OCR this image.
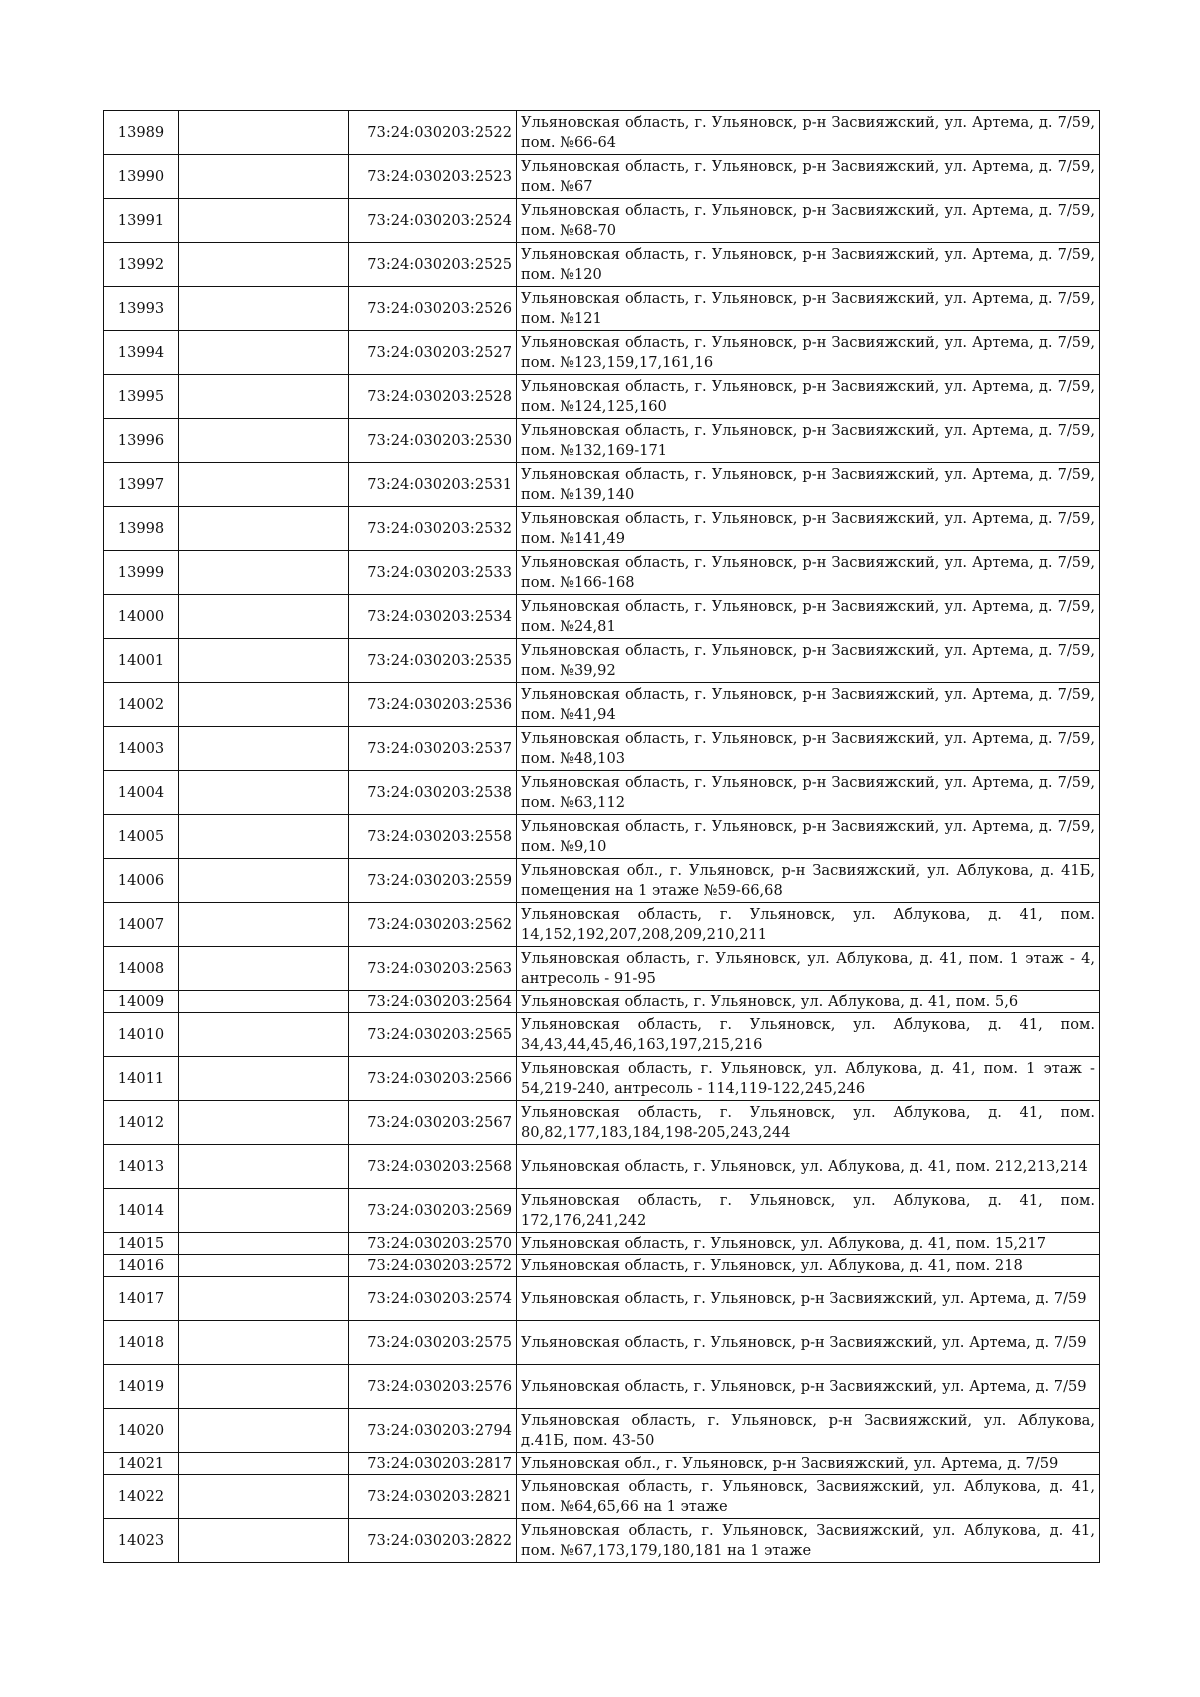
13989		73:24:030203:2522	Ульяновская область, г. Ульяновск, р-н Засвияжский, ул. Артема, д. 7/59, пом. №66-64
13990		73:24:030203:2523	Ульяновская область, г. Ульяновск, р-н Засвияжский, ул. Артема, д. 7/59, пом. №67
13991		73:24:030203:2524	Ульяновская область, г. Ульяновск, р-н Засвияжский, ул. Артема, д. 7/59, пом. №68-70
13992		73:24:030203:2525	Ульяновская область, г. Ульяновск, р-н Засвияжский, ул. Артема, д. 7/59, пом. №120
13993		73:24:030203:2526	Ульяновская область, г. Ульяновск, р-н Засвияжский, ул. Артема, д. 7/59, пом. №121
13994		73:24:030203:2527	Ульяновская область, г. Ульяновск, р-н Засвияжский, ул. Артема, д. 7/59, пом. №123,159,17,161,16
13995		73:24:030203:2528	Ульяновская область, г. Ульяновск, р-н Засвияжский, ул. Артема, д. 7/59, пом. №124,125,160
13996		73:24:030203:2530	Ульяновская область, г. Ульяновск, р-н Засвияжский, ул. Артема, д. 7/59, пом. №132,169-171
13997		73:24:030203:2531	Ульяновская область, г. Ульяновск, р-н Засвияжский, ул. Артема, д. 7/59, пом. №139,140
13998		73:24:030203:2532	Ульяновская область, г. Ульяновск, р-н Засвияжский, ул. Артема, д. 7/59, пом. №141,49
13999		73:24:030203:2533	Ульяновская область, г. Ульяновск, р-н Засвияжский, ул. Артема, д. 7/59, пом. №166-168
14000		73:24:030203:2534	Ульяновская область, г. Ульяновск, р-н Засвияжский, ул. Артема, д. 7/59, пом. №24,81
14001		73:24:030203:2535	Ульяновская область, г. Ульяновск, р-н Засвияжский, ул. Артема, д. 7/59, пом. №39,92
14002		73:24:030203:2536	Ульяновская область, г. Ульяновск, р-н Засвияжский, ул. Артема, д. 7/59, пом. №41,94
14003		73:24:030203:2537	Ульяновская область, г. Ульяновск, р-н Засвияжский, ул. Артема, д. 7/59, пом. №48,103
14004		73:24:030203:2538	Ульяновская область, г. Ульяновск, р-н Засвияжский, ул. Артема, д. 7/59, пом. №63,112
14005		73:24:030203:2558	Ульяновская область, г. Ульяновск, р-н Засвияжский, ул. Артема, д. 7/59, пом. №9,10
14006		73:24:030203:2559	Ульяновская обл., г. Ульяновск, р-н Засвияжский, ул. Аблукова, д. 41Б, помещения на 1 этаже №59-66,68
14007		73:24:030203:2562	Ульяновская область, г. Ульяновск, ул. Аблукова, д. 41, пом. 14,152,192,207,208,209,210,211
14008		73:24:030203:2563	Ульяновская область, г. Ульяновск, ул. Аблукова, д. 41, пом. 1 этаж - 4, антресоль - 91-95
14009		73:24:030203:2564	Ульяновская область, г. Ульяновск, ул. Аблукова, д. 41, пом. 5,6
14010		73:24:030203:2565	Ульяновская область, г. Ульяновск, ул. Аблукова, д. 41, пом. 34,43,44,45,46,163,197,215,216
14011		73:24:030203:2566	Ульяновская область, г. Ульяновск, ул. Аблукова, д. 41, пом. 1 этаж - 54,219-240, антресоль - 114,119-122,245,246
14012		73:24:030203:2567	Ульяновская область, г. Ульяновск, ул. Аблукова, д. 41, пом. 80,82,177,183,184,198-205,243,244
14013		73:24:030203:2568	Ульяновская область, г. Ульяновск, ул. Аблукова, д. 41, пом. 212,213,214
14014		73:24:030203:2569	Ульяновская область, г. Ульяновск, ул. Аблукова, д. 41, пом. 172,176,241,242
14015		73:24:030203:2570	Ульяновская область, г. Ульяновск, ул. Аблукова, д. 41, пом. 15,217
14016		73:24:030203:2572	Ульяновская область, г. Ульяновск, ул. Аблукова, д. 41, пом. 218
14017		73:24:030203:2574	Ульяновская область, г. Ульяновск, р-н Засвияжский, ул. Артема, д. 7/59
14018		73:24:030203:2575	Ульяновская область, г. Ульяновск, р-н Засвияжский, ул. Артема, д. 7/59
14019		73:24:030203:2576	Ульяновская область, г. Ульяновск, р-н Засвияжский, ул. Артема, д. 7/59
14020		73:24:030203:2794	Ульяновская область, г. Ульяновск, р-н Засвияжский, ул. Аблукова, д.41Б, пом. 43-50
14021		73:24:030203:2817	Ульяновская обл., г. Ульяновск, р-н Засвияжский, ул. Артема, д. 7/59
14022		73:24:030203:2821	Ульяновская область, г. Ульяновск, Засвияжский, ул. Аблукова, д. 41, пом. №64,65,66 на 1 этаже
14023		73:24:030203:2822	Ульяновская область, г. Ульяновск, Засвияжский, ул. Аблукова, д. 41, пом. №67,173,179,180,181 на 1 этаже
